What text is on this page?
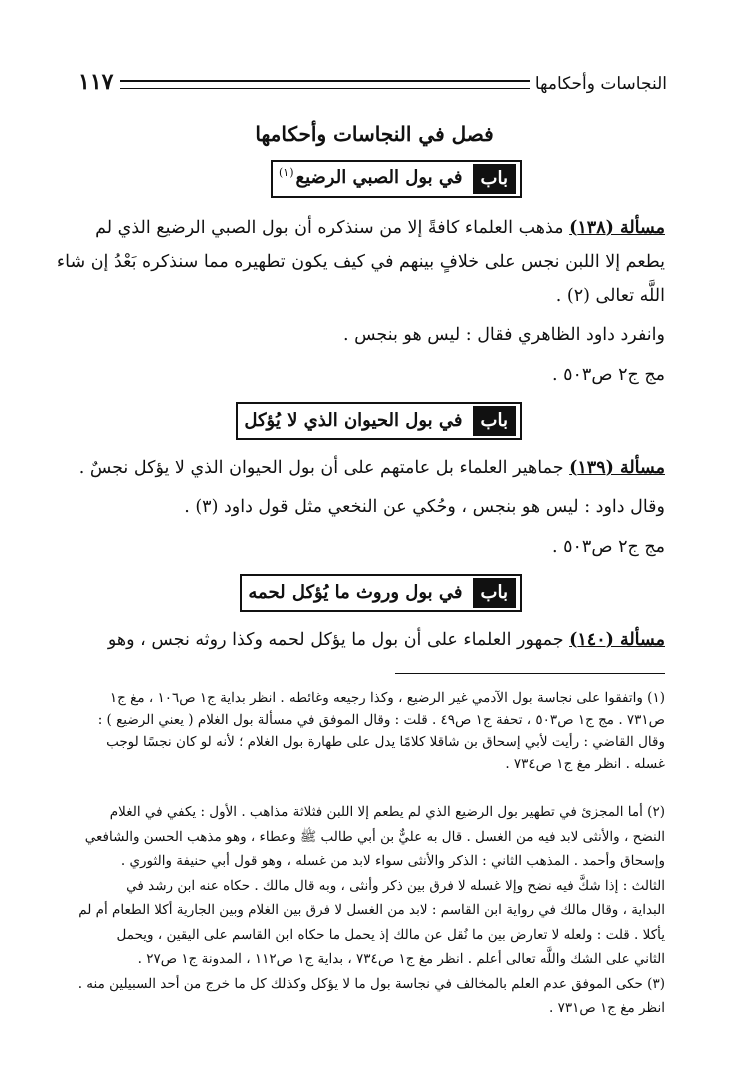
النجاسات وأحكامها
١١٧
فصل في النجاسات وأحكامها
باب
في بول الصبي الرضيع$^{(١)}$
مسألة (١٣٨) مذهب العلماء كافةً إلا من سنذكره أن بول الصبي الرضيع الذي لم
يطعم إلا اللبن نجس على خلافٍ بينهم في كيف يكون تطهيره مما سنذكره بَعْدُ إن شاء
اللَّه تعالى (٢) .
وانفرد داود الظاهري فقال : ليس هو بنجس .
مج ج٢ ص٥٠٣ .
باب
في بول الحيوان الذي لا يُؤكل
مسألة (١٣٩) جماهير العلماء بل عامتهم على أن بول الحيوان الذي لا يؤكل نجسٌ .
وقال داود : ليس هو بنجس ، وحُكي عن النخعي مثل قول داود (٣) .
مج ج٢ ص٥٠٣ .
باب
في بول وروث ما يُؤكل لحمه
مسألة (١٤٠) جمهور العلماء على أن بول ما يؤكل لحمه وكذا روثه نجس ، وهو
(١) واتفقوا على نجاسة بول الآدمي غير الرضيع ، وكذا رجيعه وغائطه . انظر بداية ج١ ص١٠٦ ، مغ ج١
ص٧٣١ . مج ج١ ص٥٠٣ ، تحفة ج١ ص٤٩ . قلت : وقال الموفق في مسألة بول الغلام ( يعني الرضيع ) :
وقال القاضي : رأيت لأبي إسحاق بن شاقلا كلامًا يدل على طهارة بول الغلام ؛ لأنه لو كان نجسًا لوجب
غسله . انظر مغ ج١ ص٧٣٤ .
(٢) أما المجزئ في تطهير بول الرضيع الذي لم يطعم إلا اللبن فثلاثة مذاهب . الأول : يكفي في الغلام
النضح ، والأنثى لابد فيه من الغسل . قال به عليٌّ بن أبي طالب ﷺ وعطاء ، وهو مذهب الحسن والشافعي
وإسحاق وأحمد . المذهب الثاني : الذكر والأنثى سواء لابد من غسله ، وهو قول أبي حنيفة والثوري .
الثالث : إذا شكَّ فيه نضح وإلا غسله لا فرق بين ذكر وأنثى ، وبه قال مالك . حكاه عنه ابن رشد في
البداية ، وقال مالك في رواية ابن القاسم : لابد من الغسل لا فرق بين الغلام وبين الجارية أكلا الطعام أم لم
يأكلا . قلت : ولعله لا تعارض بين ما نُقل عن مالك إذ يحمل ما حكاه ابن القاسم على اليقين ، ويحمل
الثاني على الشك واللَّه تعالى أعلم . انظر مغ ج١ ص٧٣٤ ، بداية ج١ ص١١٢ ، المدونة ج١ ص٢٧ .
(٣) حكى الموفق عدم العلم بالمخالف في نجاسة بول ما لا يؤكل وكذلك كل ما خرج من أحد السبيلين منه .
انظر مغ ج١ ص٧٣١ .
